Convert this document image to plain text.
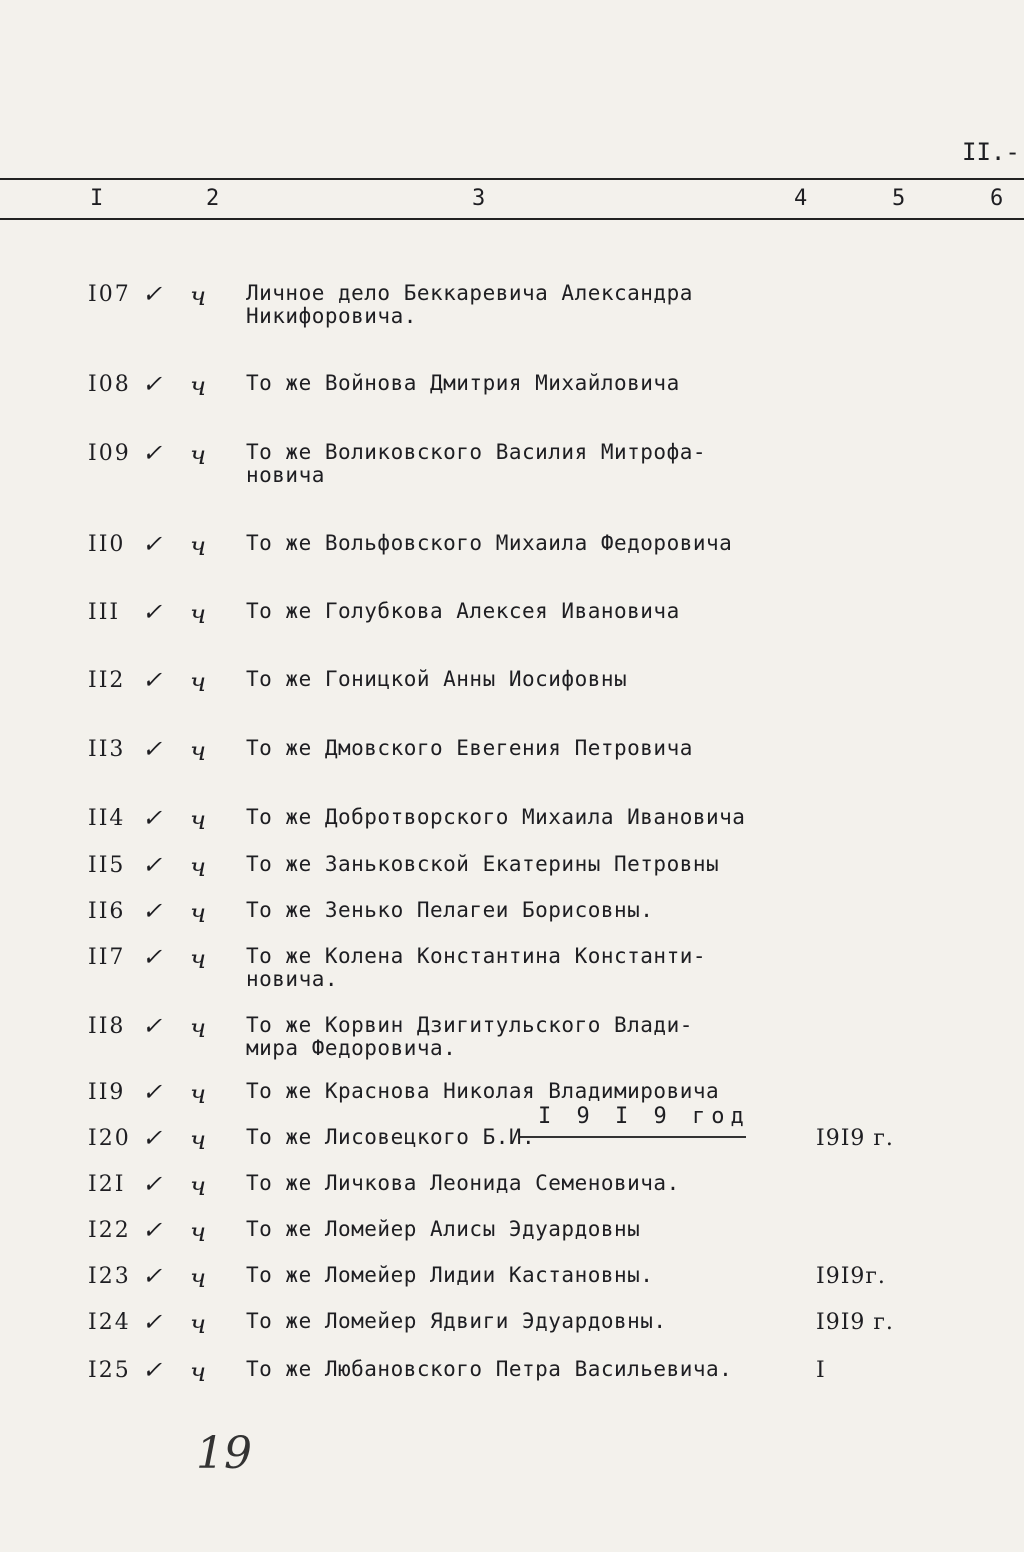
II.-
I	2	3	4	5	6
I07 ✓ ч Личное дело Беккаревича Александра
Никифоровича.
I08 ✓ ч То же Войнова Дмитрия Михайловича
I09 ✓ ч То же Воликовского Василия Митрофа-
новича
II0 ✓ ч То же Вольфовского Михаила Федоровича
III ✓ ч То же Голубкова Алексея Ивановича
II2 ✓ ч То же Гоницкой Анны Иосифовны
II3 ✓ ч То же Дмовского Евегения Петровича
II4 ✓ ч То же Добротворского Михаила Ивановича
II5 ✓ ч То же Заньковской Екатерины Петровны
II6 ✓ ч То же Зенько Пелагеи Борисовны.
II7 ✓ ч То же Колена Константина Константи-
новича.
II8 ✓ ч То же Корвин Дзигитульского Влади-
мира Федоровича.
II9 ✓ ч То же Краснова Николая Владимировича
I 9 I 9 год
I20 ✓ ч То же Лисовецкого Б.И.	I9I9 г.
I2I ✓ ч То же Личкова Леонида Семеновича.
I22 ✓ ч То же Ломейер Алисы Эдуардовны
I23 ✓ ч То же Ломейер Лидии Кастановны.	I9I9г.
I24 ✓ ч То же Ломейер Ядвиги Эдуардовны.	I9I9 г.
I25 ✓ ч То же Любановского Петра Васильевича.	I
19
